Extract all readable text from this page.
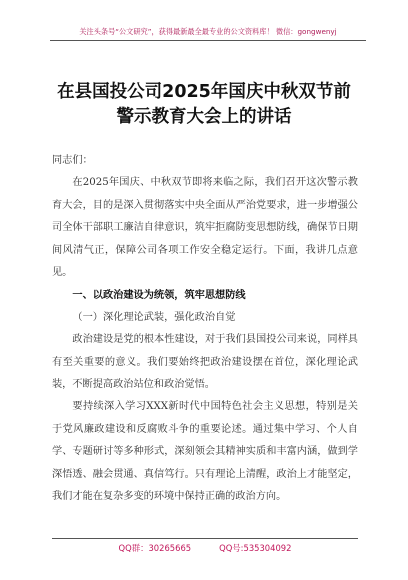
关注头条号“公文研究”，获得最新最全最专业的公文资料库！ 微信：gongwenyj
在县国投公司2025年国庆中秋双节前
警示教育大会上的讲话

同志们：

在2025年国庆、中秋双节即将来临之际，我们召开这次警示教育大会，目的是深入贯彻落实中央全面从严治党要求，进一步增强公司全体干部职工廉洁自律意识，筑牢拒腐防变思想防线，确保节日期间风清气正，保障公司各项工作安全稳定运行。下面，我讲几点意见。

一、以政治建设为统领，筑牢思想防线

（一）深化理论武装，强化政治自觉

政治建设是党的根本性建设，对于我们县国投公司来说，同样具有至关重要的意义。我们要始终把政治建设摆在首位，深化理论武装，不断提高政治站位和政治觉悟。

要持续深入学习XXX新时代中国特色社会主义思想，特别是关于党风廉政建设和反腐败斗争的重要论述。通过集中学习、个人自学、专题研讨等多种形式，深刻领会其精神实质和丰富内涵，做到学深悟透、融会贯通、真信笃行。只有理论上清醒，政治上才能坚定，我们才能在复杂多变的环境中保持正确的政治方向。

QQ群：30265665	QQ号:535304092
